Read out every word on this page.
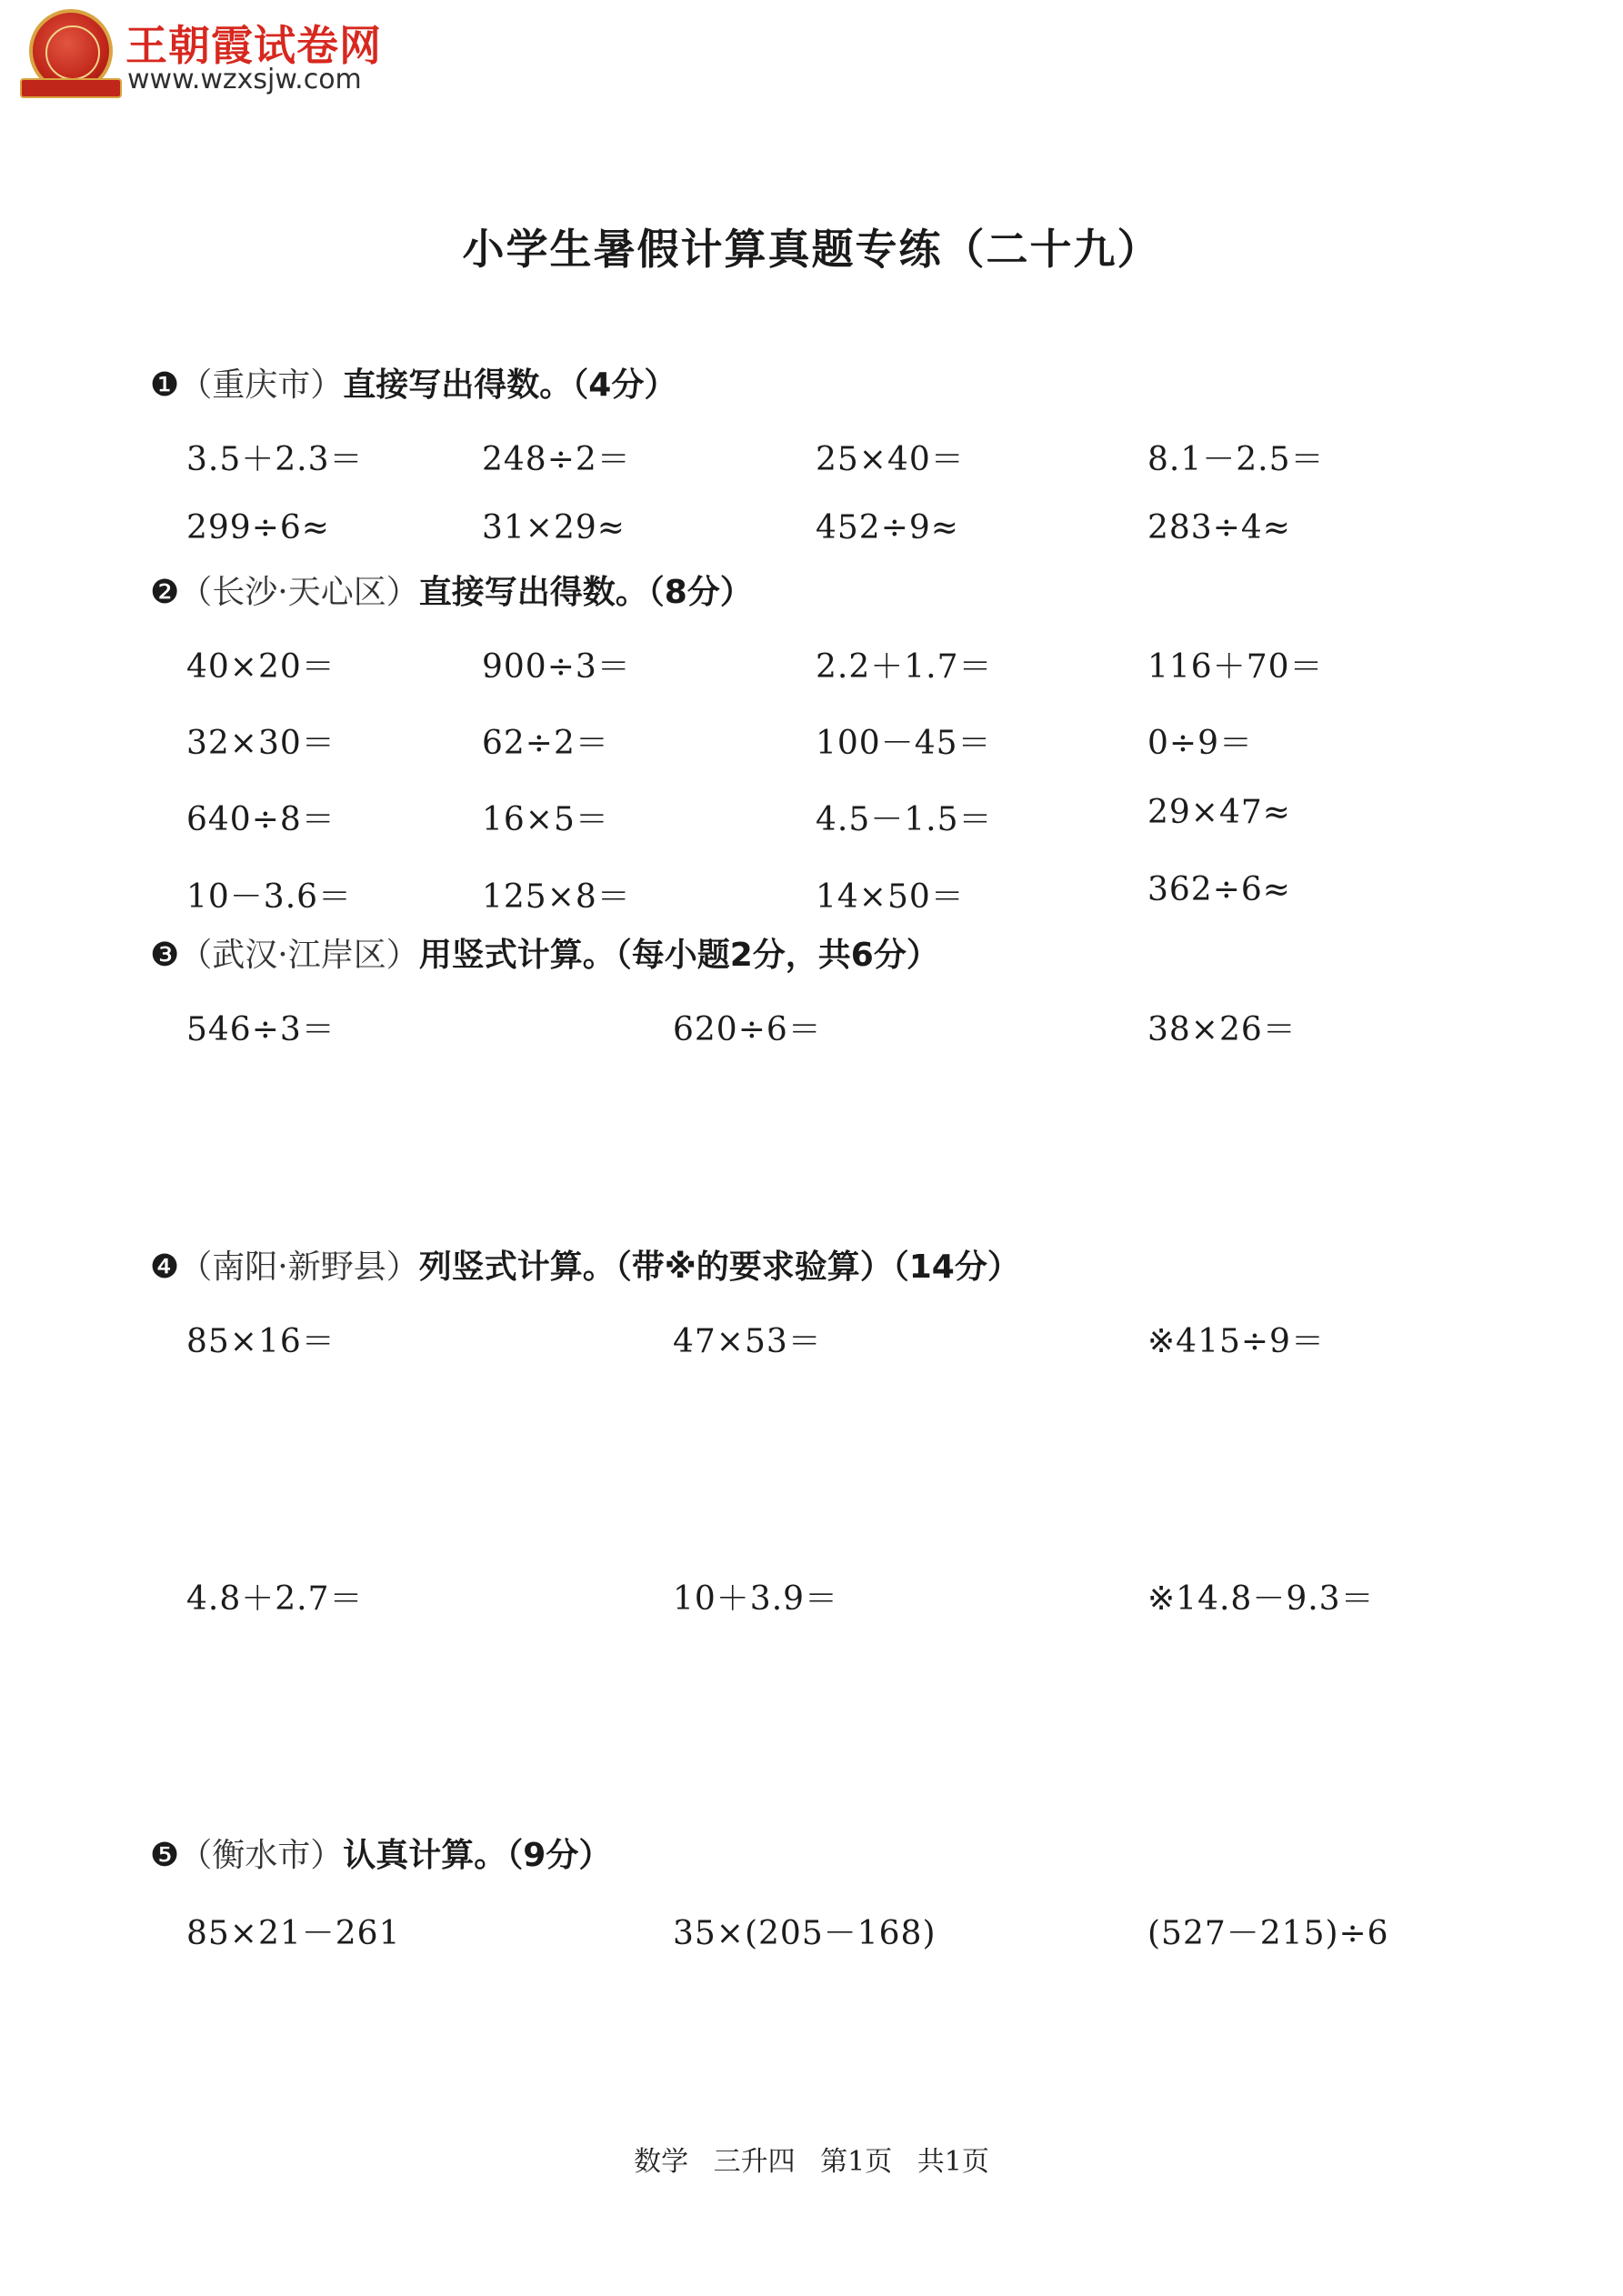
王朝霞试卷网
www.wzxsjw.com
小学生暑假计算真题专练（二十九）
❶（重庆市）直接写出得数。（4分）
3.5＋2.3＝	248÷2＝	25×40＝	8.1－2.5＝
299÷6≈	31×29≈	452÷9≈	283÷4≈
❷（长沙·天心区）直接写出得数。（8分）
40×20＝	900÷3＝	2.2＋1.7＝	116＋70＝
32×30＝	62÷2＝	100－45＝	0÷9＝
640÷8＝	16×5＝	4.5－1.5＝	29×47≈
10－3.6＝	125×8＝	14×50＝	362÷6≈
❸（武汉·江岸区）用竖式计算。（每小题2分，共6分）
546÷3＝	620÷6＝	38×26＝
❹（南阳·新野县）列竖式计算。（带※的要求验算）（14分）
85×16＝	47×53＝	※415÷9＝
4.8＋2.7＝	10＋3.9＝	※14.8－9.3＝
❺（衡水市）认真计算。（9分）
85×21－261	35×(205－168)	(527－215)÷6
数学 三升四 第1页 共1页
